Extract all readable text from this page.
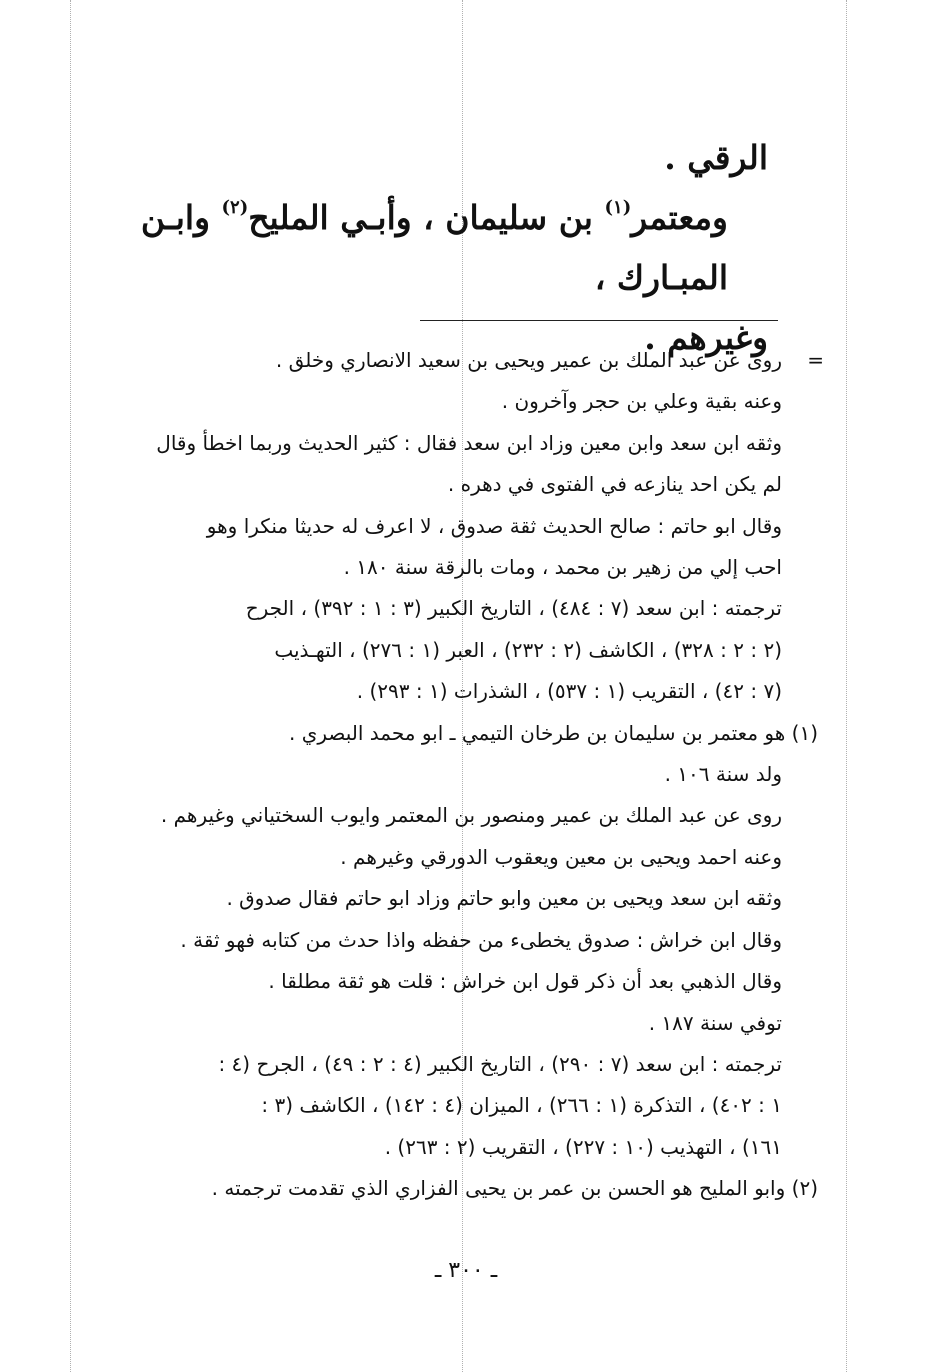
الرقي .

ومعتمر$^{(١)}$ بن سليمان ، وأبـي المليح$^{(٢)}$ وابـن المبـارك ،

وغيرهم .

=
روى عن عبد الملك بن عمير ويحيى بن سعيد الانصاري وخلق .

وعنه بقية وعلي بن حجر وآخرون .

وثقه ابن سعد وابن معين وزاد ابن سعد فقال : كثير الحديث وربما اخطأ وقال

لم يكن احد ينازعه في الفتوى في دهره .

وقال ابو حاتم : صالح الحديث ثقة صدوق ، لا اعرف له حديثا منكرا وهو

احب إلي من زهير بن محمد ، ومات بالرقة سنة ١٨٠ .

ترجمته : ابن سعد (٧ : ٤٨٤) ، التاريخ الكبير (٣ : ١ : ٣٩٢) ، الجرح

(٢ : ٢ : ٣٢٨) ، الكاشف (٢ : ٢٣٢) ، العبر (١ : ٢٧٦) ، التهـذيب

(٧ : ٤٢) ، التقريب (١ : ٥٣٧) ، الشذرات (١ : ٢٩٣) .

(١) هو معتمر بن سليمان بن طرخان التيمي ـ ابو محمد البصري .

ولد سنة ١٠٦ .

روى عن عبد الملك بن عمير ومنصور بن المعتمر وايوب السختياني وغيرهم .

وعنه احمد ويحيى بن معين ويعقوب الدورقي وغيرهم .

وثقه ابن سعد ويحيى بن معين وابو حاتم وزاد ابو حاتم فقال صدوق .

وقال ابن خراش : صدوق يخطىء من حفظه واذا حدث من كتابه فهو ثقة .

وقال الذهبي بعد أن ذكر قول ابن خراش : قلت هو ثقة مطلقا .

توفي سنة ١٨٧ .

ترجمته : ابن سعد (٧ : ٢٩٠) ، التاريخ الكبير (٤ : ٢ : ٤٩) ، الجرح (٤ :

١ : ٤٠٢) ، التذكرة (١ : ٢٦٦) ، الميزان (٤ : ١٤٢) ، الكاشف (٣ :

١٦١) ، التهذيب (١٠ : ٢٢٧) ، التقريب (٢ : ٢٦٣) .

(٢) وابو المليح هو الحسن بن عمر بن يحيى الفزاري الذي تقدمت ترجمته .

ـ ٣٠٠ ـ
